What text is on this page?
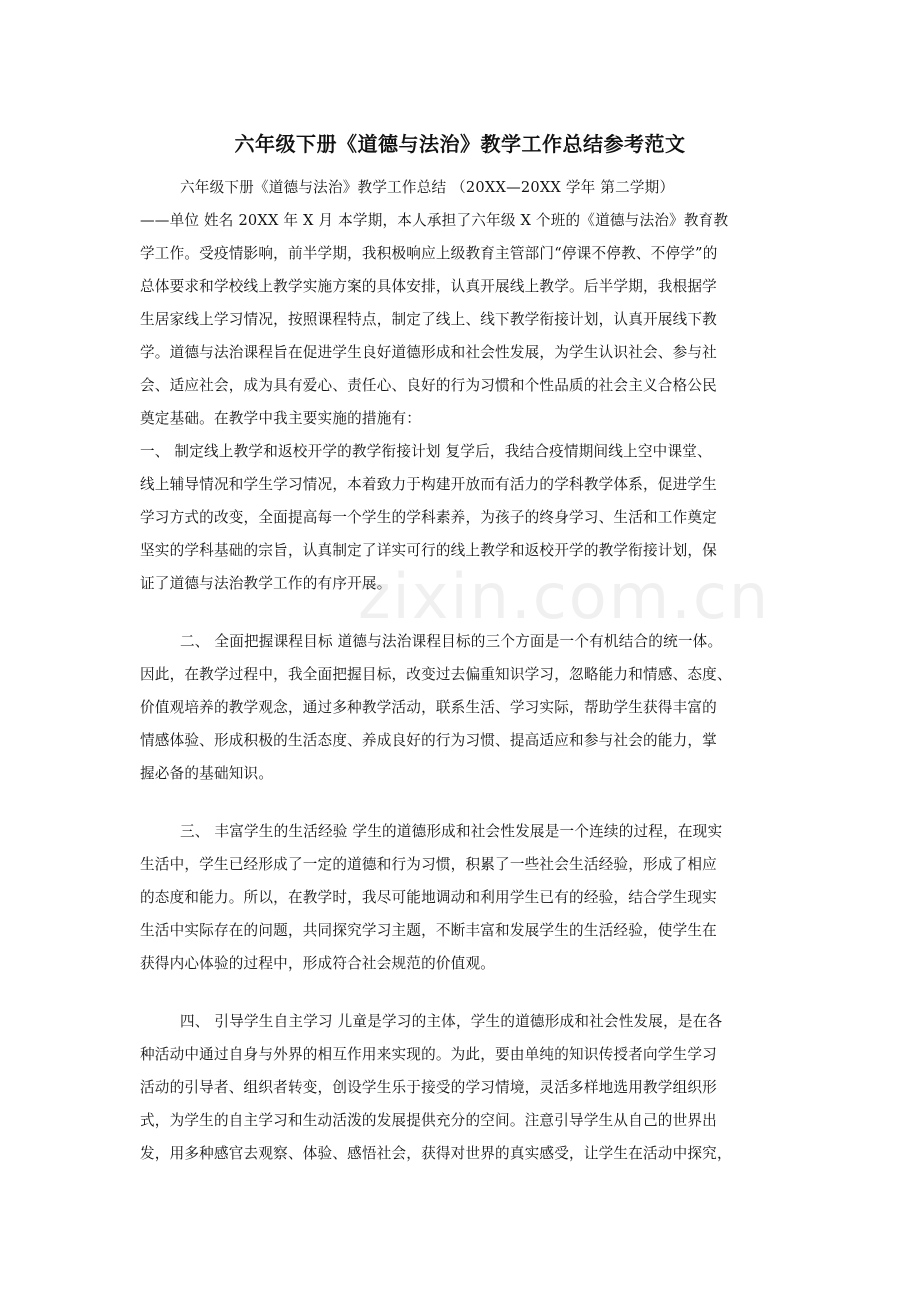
zixin.com.cn
六年级下册《道德与法治》教学工作总结参考范文
六年级下册《道德与法治》教学工作总结 （20XX—20XX 学年 第二学期）
——单位 姓名 20XX 年 X 月 本学期，本人承担了六年级 X 个班的《道德与法治》教育教
学工作。受疫情影响，前半学期，我积极响应上级教育主管部门“停课不停教、不停学”的
总体要求和学校线上教学实施方案的具体安排，认真开展线上教学。后半学期，我根据学
生居家线上学习情况，按照课程特点，制定了线上、线下教学衔接计划，认真开展线下教
学。道德与法治课程旨在促进学生良好道德形成和社会性发展，为学生认识社会、参与社
会、适应社会，成为具有爱心、责任心、良好的行为习惯和个性品质的社会主义合格公民
奠定基础。在教学中我主要实施的措施有：
一、 制定线上教学和返校开学的教学衔接计划 复学后，我结合疫情期间线上空中课堂、
线上辅导情况和学生学习情况，本着致力于构建开放而有活力的学科教学体系，促进学生
学习方式的改变，全面提高每一个学生的学科素养，为孩子的终身学习、生活和工作奠定
坚实的学科基础的宗旨，认真制定了详实可行的线上教学和返校开学的教学衔接计划，保
证了道德与法治教学工作的有序开展。
二、 全面把握课程目标 道德与法治课程目标的三个方面是一个有机结合的统一体。
因此，在教学过程中，我全面把握目标，改变过去偏重知识学习，忽略能力和情感、态度、
价值观培养的教学观念，通过多种教学活动，联系生活、学习实际，帮助学生获得丰富的
情感体验、形成积极的生活态度、养成良好的行为习惯、提高适应和参与社会的能力，掌
握必备的基础知识。
三、 丰富学生的生活经验 学生的道德形成和社会性发展是一个连续的过程，在现实
生活中，学生已经形成了一定的道德和行为习惯，积累了一些社会生活经验，形成了相应
的态度和能力。所以，在教学时，我尽可能地调动和利用学生已有的经验，结合学生现实
生活中实际存在的问题，共同探究学习主题，不断丰富和发展学生的生活经验，使学生在
获得内心体验的过程中，形成符合社会规范的价值观。
四、 引导学生自主学习 儿童是学习的主体，学生的道德形成和社会性发展，是在各
种活动中通过自身与外界的相互作用来实现的。为此，要由单纯的知识传授者向学生学习
活动的引导者、组织者转变，创设学生乐于接受的学习情境，灵活多样地选用教学组织形
式，为学生的自主学习和生动活泼的发展提供充分的空间。注意引导学生从自己的世界出
发，用多种感官去观察、体验、感悟社会，获得对世界的真实感受，让学生在活动中探究，
